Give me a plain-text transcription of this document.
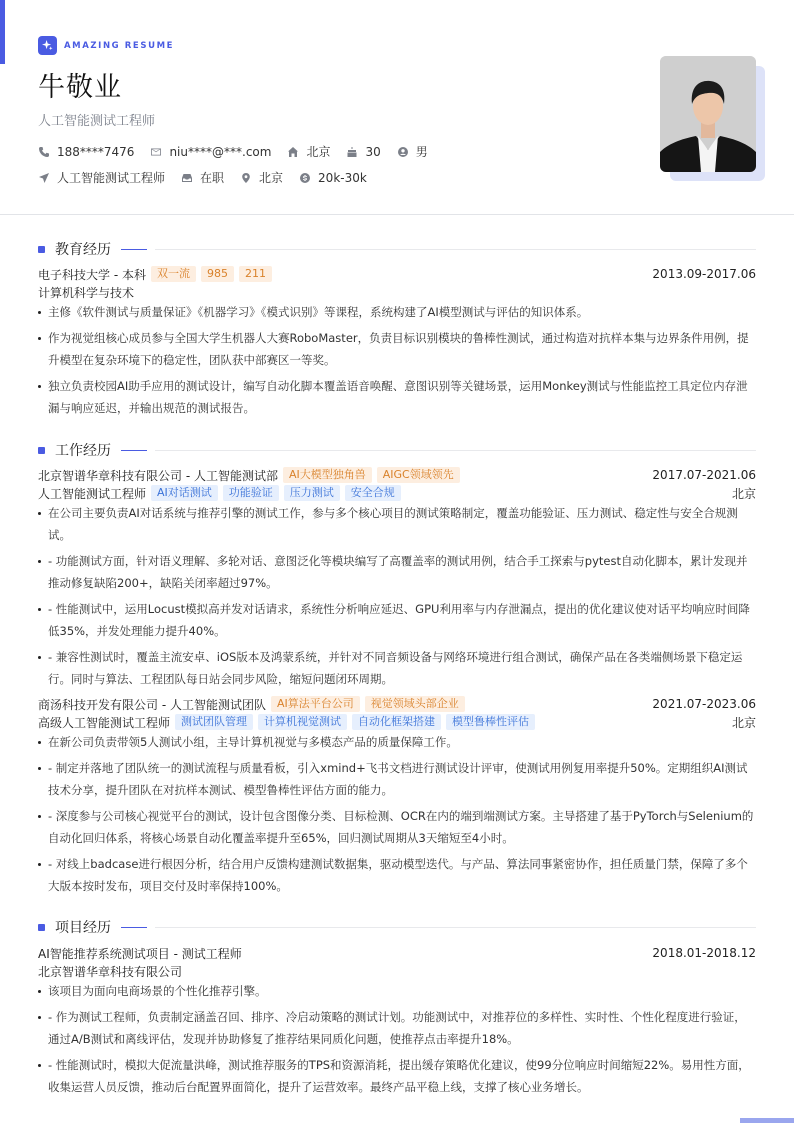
AMAZING RESUME
牛敬业
人工智能测试工程师
188****7476	niu****@***.com	北京	30	男
人工智能测试工程师	在职	北京	20k-30k
教育经历
电子科技大学 - 本科	双一流	985	211	2013.09-2017.06
计算机科学与技术
主修《软件测试与质量保证》《机器学习》《模式识别》等课程，系统构建了AI模型测试与评估的知识体系。
作为视觉组核心成员参与全国大学生机器人大赛RoboMaster，负责目标识别模块的鲁棒性测试，通过构造对抗样本集与边界条件用例，提升模型在复杂环境下的稳定性，团队获中部赛区一等奖。
独立负责校园AI助手应用的测试设计，编写自动化脚本覆盖语音唤醒、意图识别等关键场景，运用Monkey测试与性能监控工具定位内存泄漏与响应延迟，并输出规范的测试报告。
工作经历
北京智谱华章科技有限公司 - 人工智能测试部	AI大模型独角兽	AIGC领域领先	2017.07-2021.06
人工智能测试工程师	AI对话测试	功能验证	压力测试	安全合规	北京
在公司主要负责AI对话系统与推荐引擎的测试工作，参与多个核心项目的测试策略制定，覆盖功能验证、压力测试、稳定性与安全合规测试。
- 功能测试方面，针对语义理解、多轮对话、意图泛化等模块编写了高覆盖率的测试用例，结合手工探索与pytest自动化脚本，累计发现并推动修复缺陷200+，缺陷关闭率超过97%。
- 性能测试中，运用Locust模拟高并发对话请求，系统性分析响应延迟、GPU利用率与内存泄漏点，提出的优化建议使对话平均响应时间降低35%，并发处理能力提升40%。
- 兼容性测试时，覆盖主流安卓、iOS版本及鸿蒙系统，并针对不同音频设备与网络环境进行组合测试，确保产品在各类端侧场景下稳定运行。同时与算法、工程团队每日站会同步风险，缩短问题闭环周期。
商汤科技开发有限公司 - 人工智能测试团队	AI算法平台公司	视觉领域头部企业	2021.07-2023.06
高级人工智能测试工程师	测试团队管理	计算机视觉测试	自动化框架搭建	模型鲁棒性评估	北京
在新公司负责带领5人测试小组，主导计算机视觉与多模态产品的质量保障工作。
- 制定并落地了团队统一的测试流程与质量看板，引入xmind+飞书文档进行测试设计评审，使测试用例复用率提升50%。定期组织AI测试技术分享，提升团队在对抗样本测试、模型鲁棒性评估方面的能力。
- 深度参与公司核心视觉平台的测试，设计包含图像分类、目标检测、OCR在内的端到端测试方案。主导搭建了基于PyTorch与Selenium的自动化回归体系，将核心场景自动化覆盖率提升至65%，回归测试周期从3天缩短至4小时。
- 对线上badcase进行根因分析，结合用户反馈构建测试数据集，驱动模型迭代。与产品、算法同事紧密协作，担任质量门禁，保障了多个大版本按时发布，项目交付及时率保持100%。
项目经历
AI智能推荐系统测试项目 - 测试工程师	2018.01-2018.12
北京智谱华章科技有限公司
该项目为面向电商场景的个性化推荐引擎。
- 作为测试工程师，负责制定涵盖召回、排序、冷启动策略的测试计划。功能测试中，对推荐位的多样性、实时性、个性化程度进行验证，通过A/B测试和离线评估，发现并协助修复了推荐结果同质化问题，使推荐点击率提升18%。
- 性能测试时，模拟大促流量洪峰，测试推荐服务的TPS和资源消耗，提出缓存策略优化建议，使99分位响应时间缩短22%。易用性方面，收集运营人员反馈，推动后台配置界面简化，提升了运营效率。最终产品平稳上线，支撑了核心业务增长。
